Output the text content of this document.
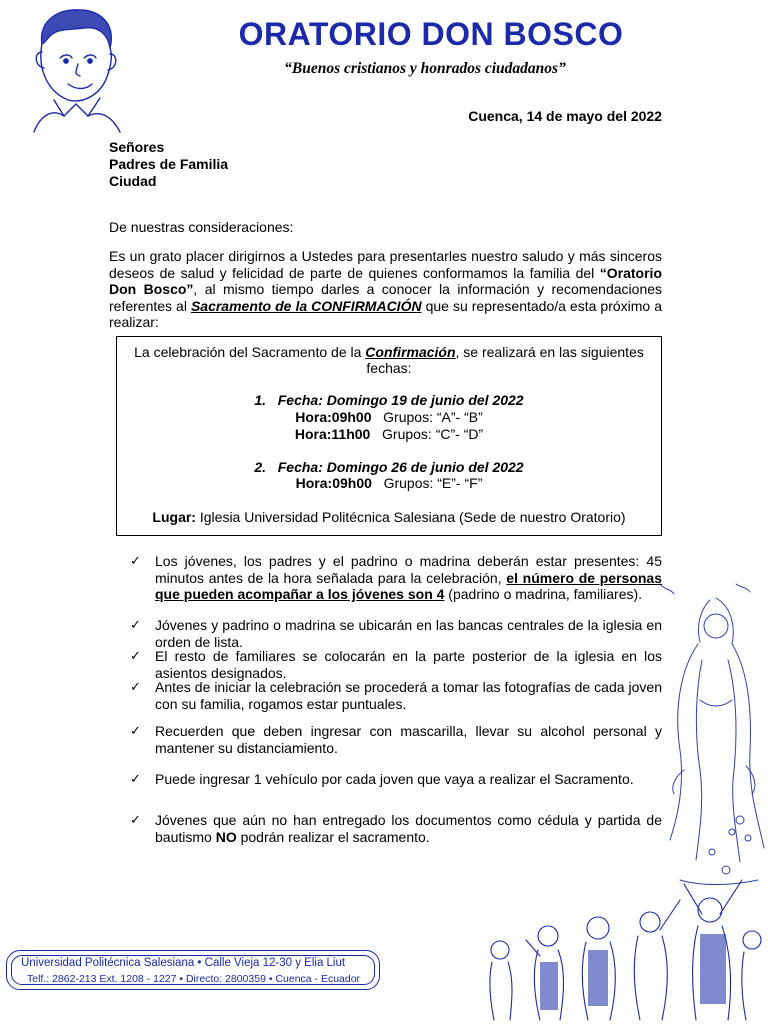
ORATORIO DON BOSCO
“Buenos cristianos y honrados ciudadanos”
Cuenca, 14 de mayo del 2022
Señores
Padres de Familia
Ciudad
De nuestras consideraciones:
Es un grato placer dirigirnos a Ustedes para presentarles nuestro saludo y más sinceros deseos de salud y felicidad de parte de quienes conformamos la familia del “Oratorio Don Bosco”, al mismo tiempo darles a conocer la información y recomendaciones referentes al Sacramento de la CONFIRMACIÓN que su representado/a esta próximo a realizar:
La celebración del Sacramento de la Confirmación, se realizará en las siguientes fechas:
1. Fecha: Domingo 19 de junio del 2022
Hora:09h00 Grupos: “A”- “B”
Hora:11h00 Grupos: “C”- “D”
2. Fecha: Domingo 26 de junio del 2022
Hora:09h00 Grupos: “E”- “F”
Lugar: Iglesia Universidad Politécnica Salesiana (Sede de nuestro Oratorio)
✓	Los jóvenes, los padres y el padrino o madrina deberán estar presentes: 45 minutos antes de la hora señalada para la celebración, el número de personas que pueden acompañar a los jóvenes son 4 (padrino o madrina, familiares).
✓	Jóvenes y padrino o madrina se ubicarán en las bancas centrales de la iglesia en orden de lista.
✓	El resto de familiares se colocarán en la parte posterior de la iglesia en los asientos designados.
✓	Antes de iniciar la celebración se procederá a tomar las fotografías de cada joven con su familia, rogamos estar puntuales.
✓	Recuerden que deben ingresar con mascarilla, llevar su alcohol personal y mantener su distanciamiento.
✓	Puede ingresar 1 vehículo por cada joven que vaya a realizar el Sacramento.
✓	Jóvenes que aún no han entregado los documentos como cédula y partida de bautismo NO podrán realizar el sacramento.
Universidad Politécnica Salesiana • Calle Vieja 12-30 y Elia Liut
Telf.: 2862-213 Ext. 1208 - 1227 • Directo: 2800359 • Cuenca - Ecuador
